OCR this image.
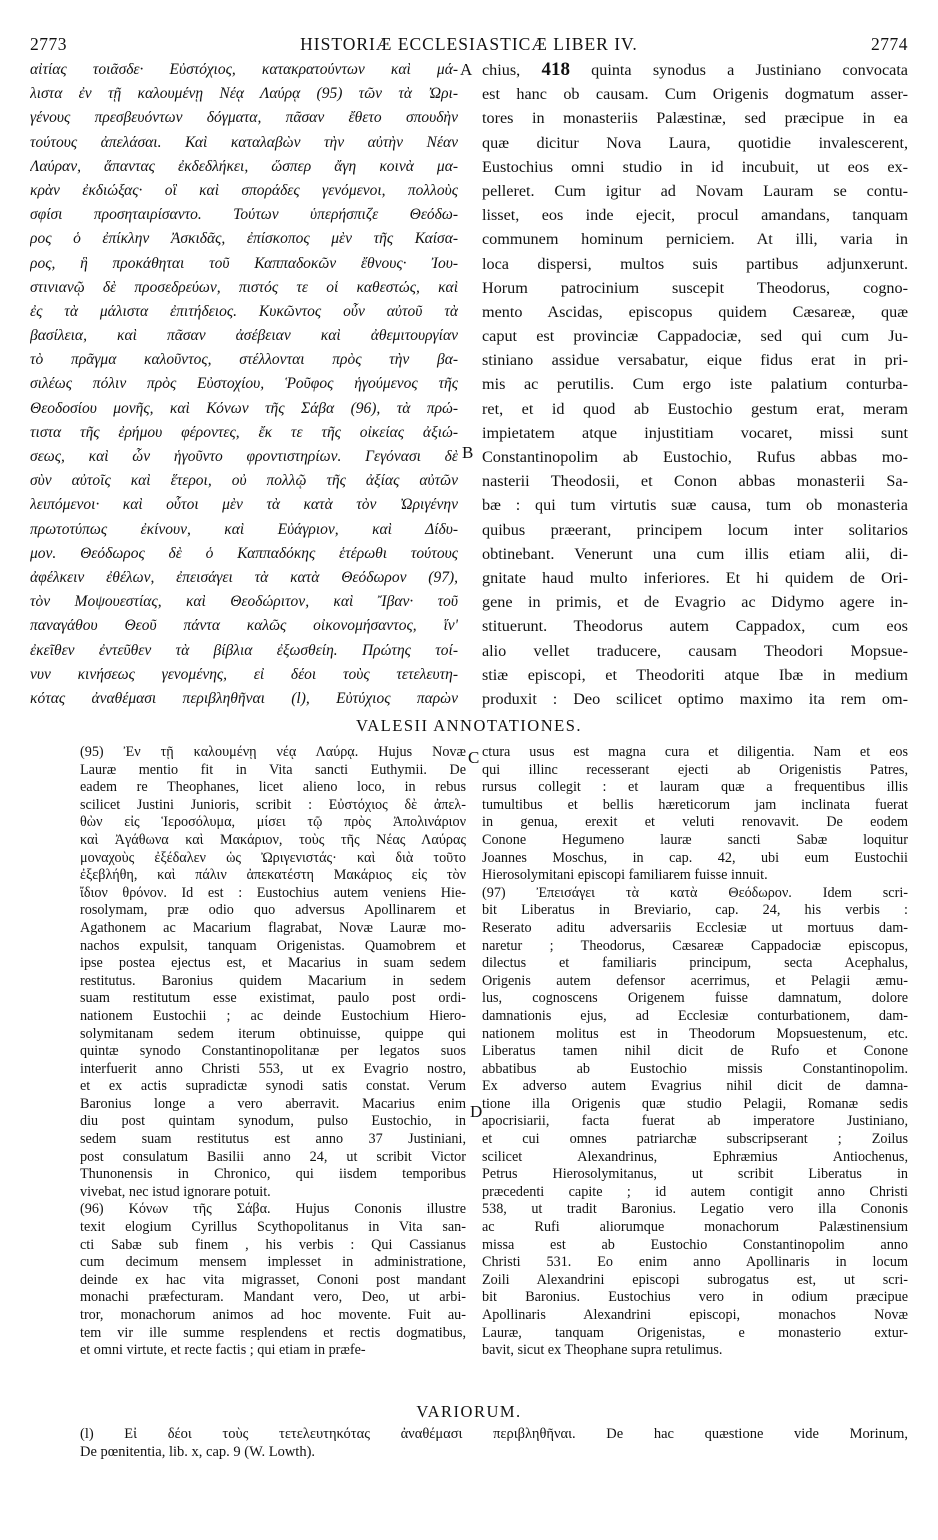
2773	HISTORIÆ ECCLESIASTICÆ LIBER IV.	2774
αἰτίας τοιᾶσδε· Εὐστόχιος, κατακρατούντων καὶ μά-
λιστα ἐν τῇ καλουμένῃ Νέᾳ Λαύρᾳ (95) τῶν τὰ Ὠρι-
γένους πρεσβευόντων δόγματα, πᾶσαν ἔθετο σπουδὴν
τούτους ἀπελάσαι. Καὶ καταλαβὼν τὴν αὐτὴν Νέαν
Λαύραν, ἅπαντας ἐκδεδλήκει, ὥσπερ ἄγη κοινὰ μα-
κρὰν ἐκδιώξας· οἳ καὶ σποράδες γενόμενοι, πολλοὺς
σφίσι προσηταιρίσαντο. Τούτων ὑπερήσπιζε Θεόδω-
ρος ὁ ἐπίκλην Ἀσκιδᾶς, ἐπίσκοπος μὲν τῆς Καίσα-
ρος, ἣ προκάθηται τοῦ Καππαδοκῶν ἔθνους· Ἰου-
στινιανῷ δὲ προσεδρεύων, πιστός τε οἱ καθεστώς, καὶ
ἐς τὰ μάλιστα ἐπιτήδειος. Κυκῶντος οὖν αὐτοῦ τὰ
βασίλεια, καὶ πᾶσαν ἀσέβειαν καὶ ἀθεμιτουργίαν
τὸ πρᾶγμα καλοῦντος, στέλλονται πρὸς τὴν βα-
σιλέως πόλιν πρὸς Εὐστοχίου, Ῥοῦφος ἡγούμενος τῆς
Θεοδοσίου μονῆς, καὶ Κόνων τῆς Σάβα (96), τὰ πρώ-
τιστα τῆς ἐρήμου φέροντες, ἔκ τε τῆς οἰκείας ἀξιώ-
σεως, καὶ ὧν ἡγοῦντο φροντιστηρίων. Γεγόνασι δὲ
σὺν αὐτοῖς καὶ ἕτεροι, οὐ πολλῷ τῆς ἀξίας αὐτῶν
λειπόμενοι· καὶ οὗτοι μὲν τὰ κατὰ τὸν Ὠριγένην
πρωτοτύπως ἐκίνουν, καὶ Εὐάγριον, καὶ Δίδυ-
μον. Θεόδωρος δὲ ὁ Καππαδόκης ἑτέρωθι τούτους
ἀφέλκειν ἐθέλων, ἐπεισάγει τὰ κατὰ Θεόδωρον (97),
τὸν Μοψουεστίας, καὶ Θεοδώριτον, καὶ Ἴβαν· τοῦ
παναγάθου Θεοῦ πάντα καλῶς οἰκονομήσαντος, ἵν'
ἐκεῖθεν ἐντεῦθεν τὰ βίβλια ἐξωσθείη. Πρώτης τοί-
νυν κινήσεως γενομένης, εἰ δέοι τοὺς τετελευτη-
κότας ἀναθέμασι περιβληθῆναι (l), Εὐτύχιος παρὼν
chius, 418 quinta synodus a Justiniano convocata
est hanc ob causam. Cum Origenis dogmatum asser-
tores in monasteriis Palæstinæ, sed præcipue in ea
quæ dicitur Nova Laura, quotidie invalescerent,
Eustochius omni studio in id incubuit, ut eos ex-
pelleret. Cum igitur ad Novam Lauram se contu-
lisset, eos inde ejecit, procul amandans, tanquam
communem hominum perniciem. At illi, varia in
loca dispersi, multos suis partibus adjunxerunt.
Horum patrocinium suscepit Theodorus, cogno-
mento Ascidas, episcopus quidem Cæsareæ, quæ
caput est provinciæ Cappadociæ, sed qui cum Ju-
stiniano assidue versabatur, eique fidus erat in pri-
mis ac perutilis. Cum ergo iste palatium conturba-
ret, et id quod ab Eustochio gestum erat, meram
impietatem atque injustitiam vocaret, missi sunt
Constantinopolim ab Eustochio, Rufus abbas mo-
nasterii Theodosii, et Conon abbas monasterii Sa-
bæ : qui tum virtutis suæ causa, tum ob monasteria
quibus præerant, principem locum inter solitarios
obtinebant. Venerunt una cum illis etiam alii, di-
gnitate haud multo inferiores. Et hi quidem de Ori-
gene in primis, et de Evagrio ac Didymo agere in-
stituerunt. Theodorus autem Cappadox, cum eos
alio vellet traducere, causam Theodori Mopsue-
stiæ episcopi, et Theodoriti atque Ibæ in medium
produxit : Deo scilicet optimo maximo ita rem om-
A
B
C
D
VALESII ANNOTATIONES.
(95) Ἐν τῇ καλουμένῃ νέᾳ Λαύρᾳ. Hujus Novæ
Lauræ mentio fit in Vita sancti Euthymii. De
eadem re Theophanes, licet alieno loco, in rebus
scilicet Justini Junioris, scribit : Εὐστόχιος δὲ ἀπελ-
θὼν εἰς Ἱεροσόλυμα, μίσει τῷ πρὸς Ἀπολινάριον
καὶ Ἀγάθωνα καὶ Μακάριον, τοὺς τῆς Νέας Λαύρας
μοναχοὺς ἐξέδαλεν ὡς Ὠριγενιστάς· καὶ διὰ τοῦτο
ἐξεβλήθη, καὶ πάλιν ἀπεκατέστη Μακάριος εἰς τὸν
ἴδιον θρόνον. Id est : Eustochius autem veniens Hie-
rosolymam, præ odio quo adversus Apollinarem et
Agathonem ac Macarium flagrabat, Novæ Lauræ mo-
nachos expulsit, tanquam Origenistas. Quamobrem et
ipse postea ejectus est, et Macarius in suam sedem
restitutus. Baronius quidem Macarium in sedem
suam restitutum esse existimat, paulo post ordi-
nationem Eustochii ; ac deinde Eustochium Hiero-
solymitanam sedem iterum obtinuisse, quippe qui
quintæ synodo Constantinopolitanæ per legatos suos
interfuerit anno Christi 553, ut ex Evagrio nostro,
et ex actis supradictæ synodi satis constat. Verum
Baronius longe a vero aberravit. Macarius enim
diu post quintam synodum, pulso Eustochio, in
sedem suam restitutus est anno 37 Justiniani,
post consulatum Basilii anno 24, ut scribit Victor
Thunonensis in Chronico, qui iisdem temporibus
vivebat, nec istud ignorare potuit.
(96) Κόνων τῆς Σάβα. Hujus Cononis illustre
texit elogium Cyrillus Scythopolitanus in Vita san-
cti Sabæ sub finem , his verbis : Qui Cassianus
cum decimum mensem implesset in administratione,
deinde ex hac vita migrasset, Cononi post mandant
monachi præfecturam. Mandant vero, Deo, ut arbi-
tror, monachorum animos ad hoc movente. Fuit au-
tem vir ille summe resplendens et rectis dogmatibus,
et omni virtute, et recte factis ; qui etiam in præfe-
ctura usus est magna cura et diligentia. Nam et eos
qui illinc recesserant ejecti ab Origenistis Patres,
rursus collegit : et lauram quæ a frequentibus illis
tumultibus et bellis hæreticorum jam inclinata fuerat
in genua, erexit et veluti renovavit. De eodem
Conone Hegumeno lauræ sancti Sabæ loquitur
Joannes Moschus, in cap. 42, ubi eum Eustochii
Hierosolymitani episcopi familiarem fuisse innuit.
(97) Ἐπεισάγει τὰ κατὰ Θεόδωρον. Idem scri-
bit Liberatus in Breviario, cap. 24, his verbis :
Reserato aditu adversariis Ecclesiæ ut mortuus dam-
naretur ; Theodorus, Cæsareæ Cappadociæ episcopus,
dilectus et familiaris principum, secta Acephalus,
Origenis autem defensor acerrimus, et Pelagii æmu-
lus, cognoscens Origenem fuisse damnatum, dolore
damnationis ejus, ad Ecclesiæ conturbationem, dam-
nationem molitus est in Theodorum Mopsuestenum, etc.
Liberatus tamen nihil dicit de Rufo et Conone
abbatibus ab Eustochio missis Constantinopolim.
Ex adverso autem Evagrius nihil dicit de damna-
tione illa Origenis quæ studio Pelagii, Romanæ sedis
apocrisiarii, facta fuerat ab imperatore Justiniano,
et cui omnes patriarchæ subscripserant ; Zoilus
scilicet Alexandrinus, Ephræmius Antiochenus,
Petrus Hierosolymitanus, ut scribit Liberatus in
præcedenti capite ; id autem contigit anno Christi
538, ut tradit Baronius. Legatio vero illa Cononis
ac Rufi aliorumque monachorum Palæstinensium
missa est ab Eustochio Constantinopolim anno
Christi 531. Eo enim anno Apollinaris in locum
Zoili Alexandrini episcopi subrogatus est, ut scri-
bit Baronius. Eustochius vero in odium præcipue
Apollinaris Alexandrini episcopi, monachos Novæ
Lauræ, tanquam Origenistas, e monasterio extur-
bavit, sicut ex Theophane supra retulimus.
VARIORUM.
(l) Εἰ δέοι τοὺς τετελευτηκότας ἀναθέμασι περιβληθῆναι. De hac quæstione vide Morinum,
De pœnitentia, lib. x, cap. 9 (W. Lowth).
